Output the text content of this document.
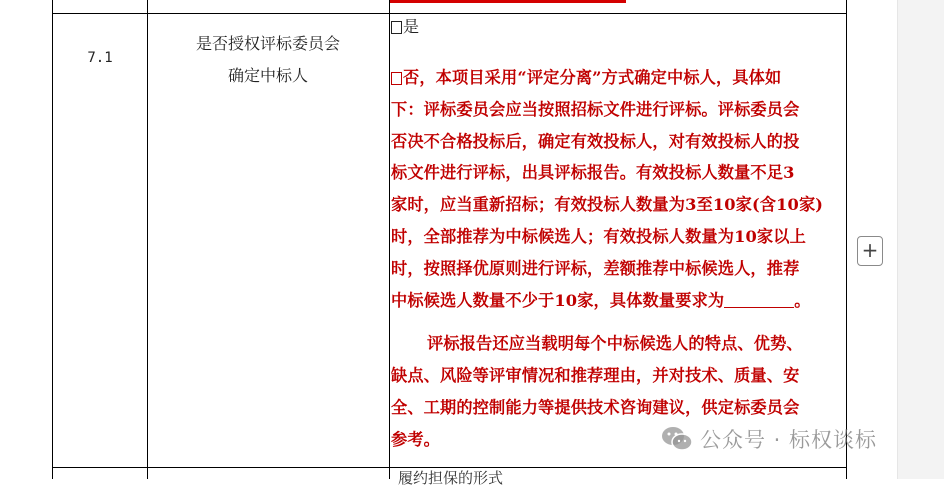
7.1
是否授权评标委员会
确定中标人
是
否，本项目采用“评定分离”方式确定中标人，具体如
下：评标委员会应当按照招标文件进行评标。评标委员会
否决不合格投标后，确定有效投标人，对有效投标人的投
标文件进行评标，出具评标报告。有效投标人数量不足3
家时，应当重新招标；有效投标人数量为3至10家(含10家)
时，全部推荐为中标候选人；有效投标人数量为10家以上
时，按照择优原则进行评标，差额推荐中标候选人，推荐
中标候选人数量不少于10家，具体数量要求为	。
评标报告还应当载明每个中标候选人的特点、优势、
缺点、风险等评审情况和推荐理由，并对技术、质量、安
全、工期的控制能力等提供技术咨询建议，供定标委员会
参考。
履约担保的形式
+
公众号 · 标权谈标
